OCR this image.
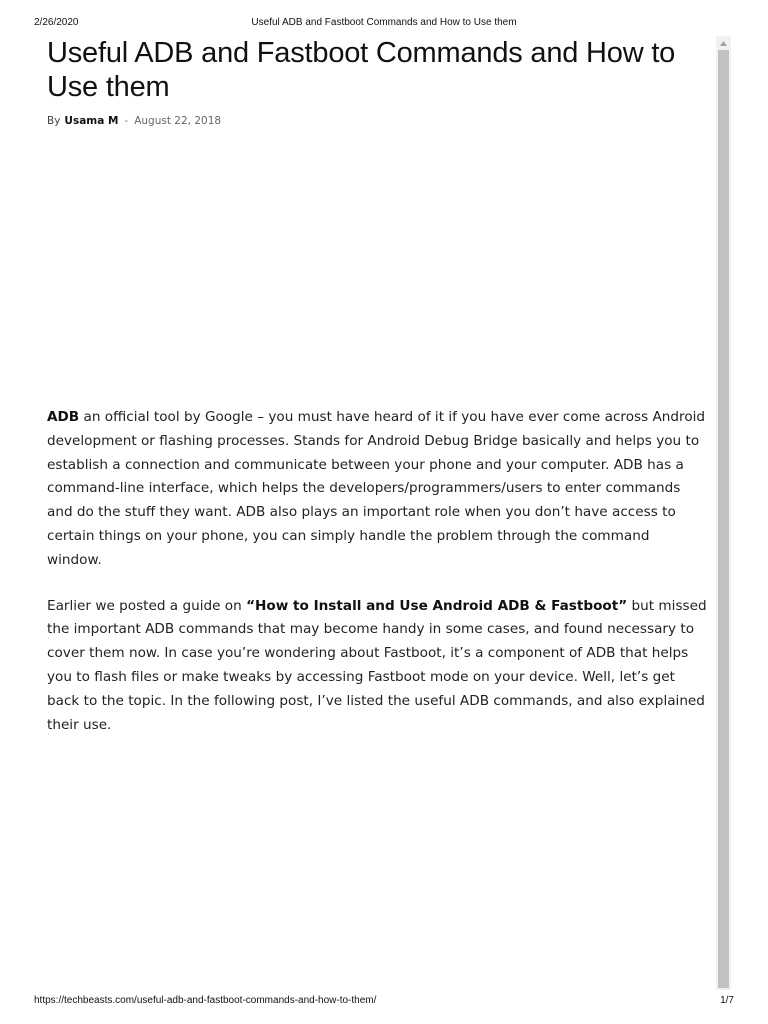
2/26/2020	Useful ADB and Fastboot Commands and How to Use them
Useful ADB and Fastboot Commands and How to Use them
By Usama M - August 22, 2018

ADB an official tool by Google – you must have heard of it if you have ever come across Android development or flashing processes. Stands for Android Debug Bridge basically and helps you to establish a connection and communicate between your phone and your computer. ADB has a command-line interface, which helps the developers/programmers/users to enter commands and do the stuff they want. ADB also plays an important role when you don’t have access to certain things on your phone, you can simply handle the problem through the command window.

Earlier we posted a guide on “How to Install and Use Android ADB & Fastboot” but missed the important ADB commands that may become handy in some cases, and found necessary to cover them now. In case you’re wondering about Fastboot, it’s a component of ADB that helps you to flash files or make tweaks by accessing Fastboot mode on your device. Well, let’s get back to the topic. In the following post, I’ve listed the useful ADB commands, and also explained their use.

https://techbeasts.com/useful-adb-and-fastboot-commands-and-how-to-them/	1/7
